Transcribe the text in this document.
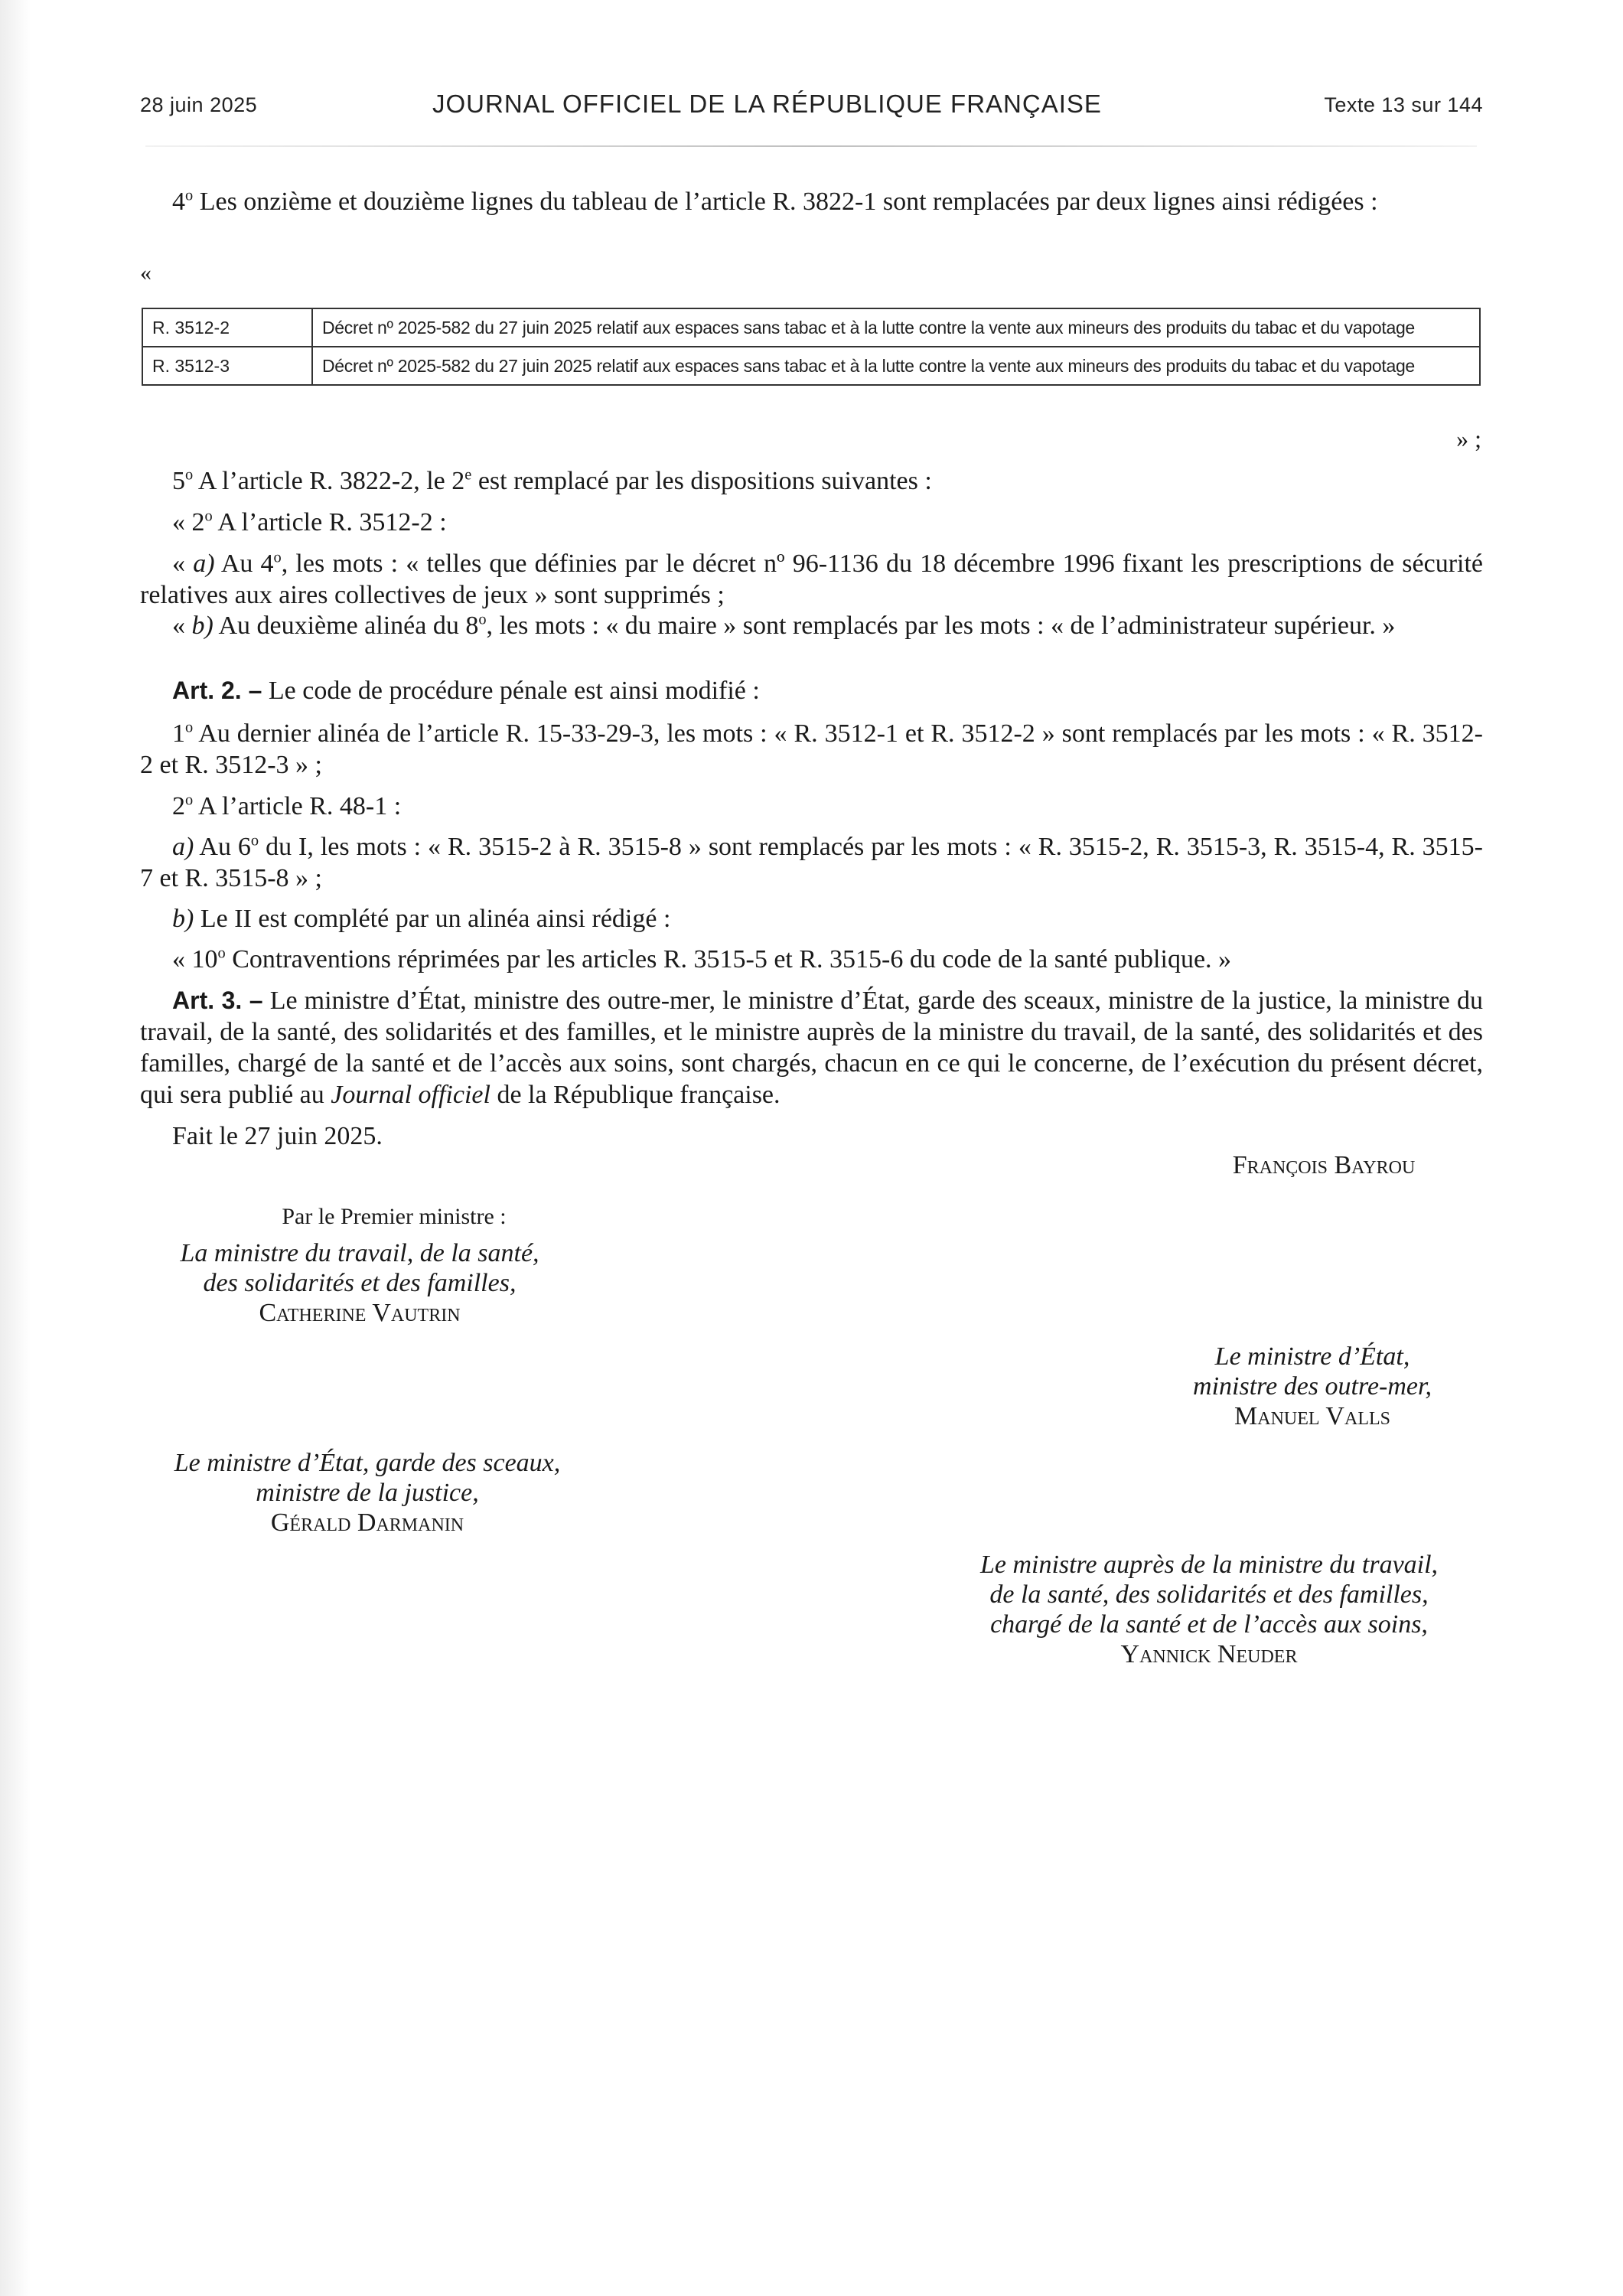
28 juin 2025	JOURNAL OFFICIEL DE LA RÉPUBLIQUE FRANÇAISE	Texte 13 sur 144
4$^o$ Les onzième et douzième lignes du tableau de l’article R. 3822-1 sont remplacées par deux lignes ainsi rédigées :
«
R. 3512-2	Décret nº 2025-582 du 27 juin 2025 relatif aux espaces sans tabac et à la lutte contre la vente aux mineurs des produits du tabac et du vapotage
R. 3512-3	Décret nº 2025-582 du 27 juin 2025 relatif aux espaces sans tabac et à la lutte contre la vente aux mineurs des produits du tabac et du vapotage
» ;
5$^o$ A l’article R. 3822-2, le 2e est remplacé par les dispositions suivantes :
« 2$^o$ A l’article R. 3512-2 :
« a) Au 4$^o$, les mots : « telles que définies par le décret nº 96-1136 du 18 décembre 1996 fixant les prescriptions de sécurité relatives aux aires collectives de jeux » sont supprimés ;
« b) Au deuxième alinéa du 8$^o$, les mots : « du maire » sont remplacés par les mots : « de l’administrateur supérieur. »
Art. 2. – Le code de procédure pénale est ainsi modifié :
1$^o$ Au dernier alinéa de l’article R. 15-33-29-3, les mots : « R. 3512-1 et R. 3512-2 » sont remplacés par les mots : « R. 3512-2 et R. 3512-3 » ;
2$^o$ A l’article R. 48-1 :
a) Au 6$^o$ du I, les mots : « R. 3515-2 à R. 3515-8 » sont remplacés par les mots : « R. 3515-2, R. 3515-3, R. 3515-4, R. 3515-7 et R. 3515-8 » ;
b) Le II est complété par un alinéa ainsi rédigé :
« 10$^o$ Contraventions réprimées par les articles R. 3515-5 et R. 3515-6 du code de la santé publique. »
Art. 3. – Le ministre d’État, ministre des outre-mer, le ministre d’État, garde des sceaux, ministre de la justice, la ministre du travail, de la santé, des solidarités et des familles, et le ministre auprès de la ministre du travail, de la santé, des solidarités et des familles, chargé de la santé et de l’accès aux soins, sont chargés, chacun en ce qui le concerne, de l’exécution du présent décret, qui sera publié au Journal officiel de la République française.
Fait le 27 juin 2025.
François Bayrou
Par le Premier ministre :
La ministre du travail, de la santé,
des solidarités et des familles,
Catherine Vautrin
Le ministre d’État,
ministre des outre-mer,
Manuel Valls
Le ministre d’État, garde des sceaux,
ministre de la justice,
Gérald Darmanin
Le ministre auprès de la ministre du travail,
de la santé, des solidarités et des familles,
chargé de la santé et de l’accès aux soins,
Yannick Neuder
